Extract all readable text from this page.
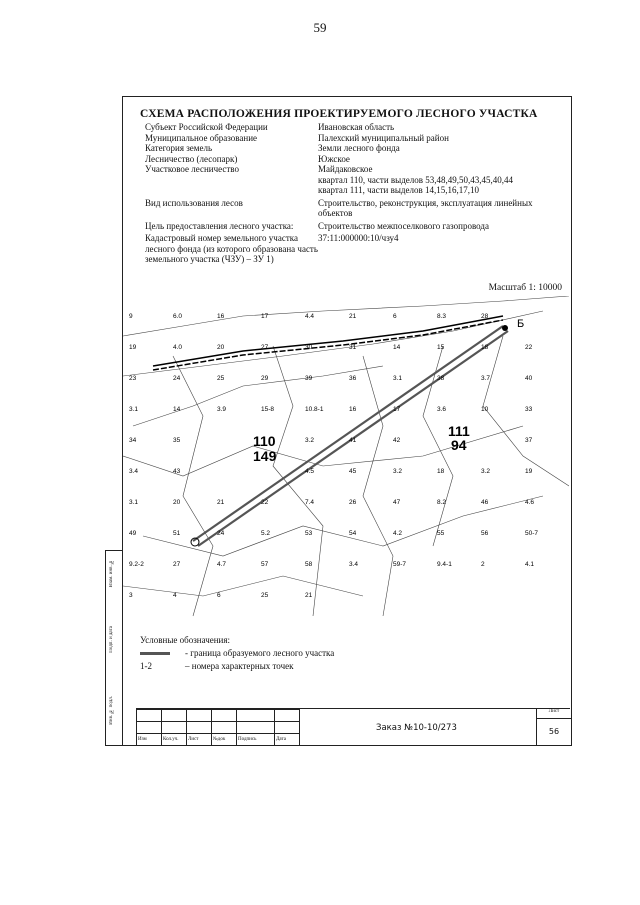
59
Взам. инв. №
Подп. и дата
Инв. № подл.
СХЕМА РАСПОЛОЖЕНИЯ ПРОЕКТИРУЕМОГО ЛЕСНОГО УЧАСТКА
Субъект Российской Федерации	Ивановская область
Муниципальное образование	Палехский муниципальный район
Категория земель	Земли лесного фонда
Лесничество (лесопарк)	Южское
Участковое лесничество	Майдаковское
квартал 110, части выделов 53,48,49,50,43,45,40,44
квартал 111, части выделов 14,15,16,17,10
Вид использования лесов	Строительство, реконструкция, эксплуатация линейных объектов
Цель предоставления лесного участка:	Строительство межпоселкового газопровода
Кадастровый номер земельного участка лесного фонда (из которого образована часть земельного участка (ЧЗУ) – ЗУ 1)
37:11:000000:10/чзу4
Масштаб 1: 10000
Б
110
149
111
94
9	6.0	16	17	4.4	21	6	8.3	28
19	4.0	20	27	30	31	14	15	18	22
23	24	25	29	39	36	3.1	38	3.7	40
3.1	14	3.9	15-8	10.8-1	16	17	3.6	10	33
34	35	3.2	41	42	37
3.4	43	4.5	45	3.2	18	3.2	19
3.1	20	21	22	7.4	26	47	8.2	46	4.6
49	51	24	5.2	53	54	4.2	55	56	50-7
9.2-2	27	4.7	57	58	3.4	59-7	9.4-1	2	4.1
3	4	6	25	21
Условные обозначения:
- граница образуемого лесного участка
1-2	– номера характерных точек

Изм	Кол.уч.	Лист	№док	Подпись	Дата
Заказ №10-10/273
Лист
56
